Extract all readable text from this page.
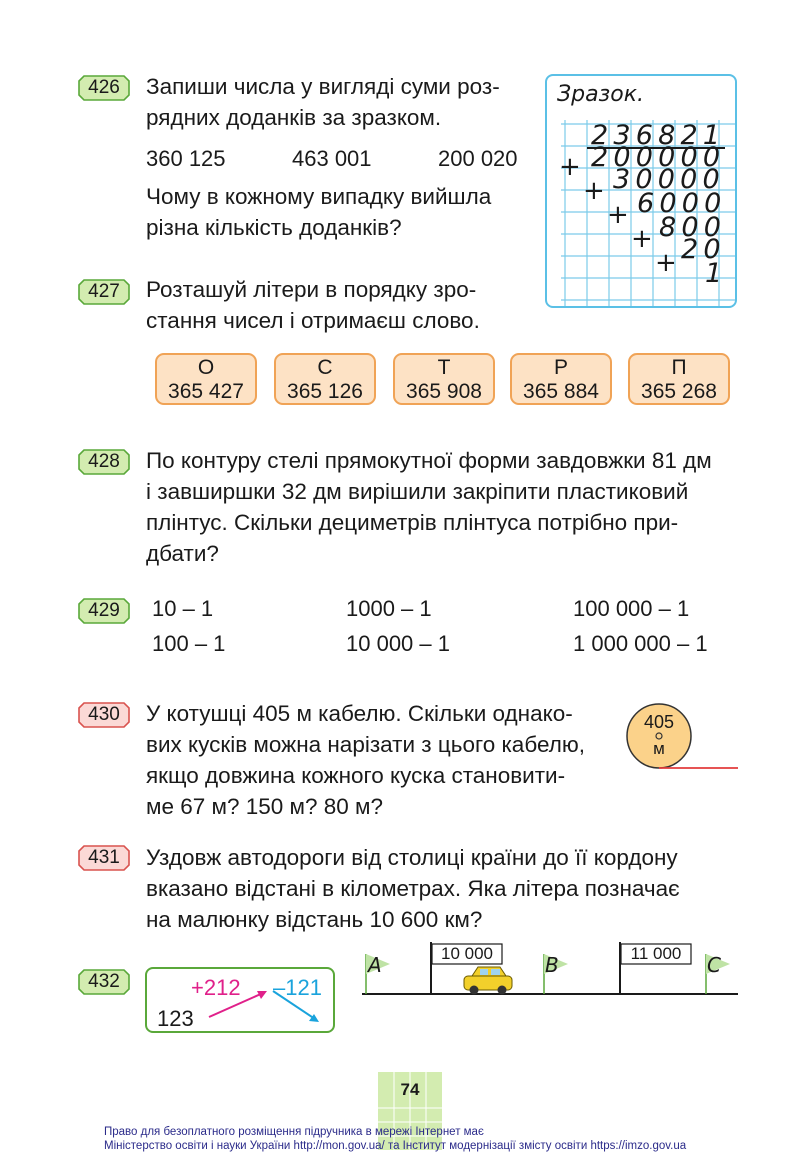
426 Запиши числа у вигляді суми роз-
рядних доданків за зразком.
360 125	463 001	200 020
Чому в кожному випадку вийшла
різна кількість доданків?
Зразок.
236821
+ 200000
+ 30000
+ 6000
+ 800
+ 20
1
427 Розташуй літери в порядку зро-
стання чисел і отримаєш слово.
О
365 427
С
365 126
Т
365 908
Р
365 884
П
365 268
428 По контуру стелі прямокутної форми завдовжки 81 дм
і завширшки 32 дм вирішили закріпити пластиковий
плінтус. Скільки дециметрів плінтуса потрібно при-
дбати?
429 10 – 1	1000 – 1	100 000 – 1
100 – 1	10 000 – 1	1 000 000 – 1
430 У котушці 405 м кабелю. Скільки однако-
вих кусків можна нарізати з цього кабелю,
якщо довжина кожного куска становити-
ме 67 м? 150 м? 80 м?
405
м
431 Уздовж автодороги від столиці країни до її кордону
вказано відстані в кілометрах. Яка літера позначає
на малюнку відстань 10 600 км?
432	+212 –121
123
A	B	C
10 000	11 000
74
Право для безоплатного розміщення підручника в мережі Інтернет має
Міністерство освіти і науки України http://mon.gov.ua/ та Інститут модернізації змісту освіти https://imzo.gov.ua
